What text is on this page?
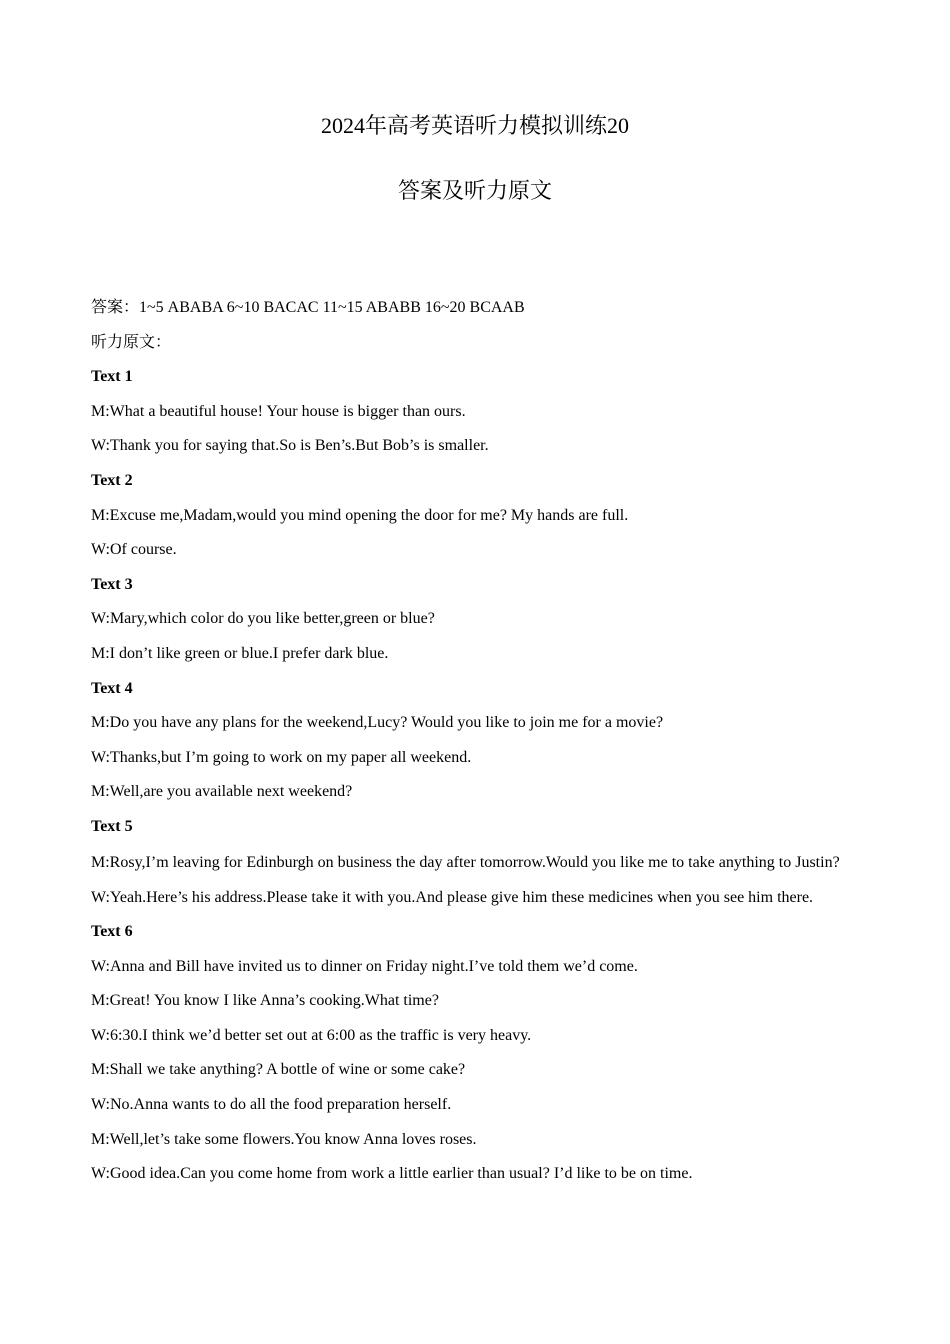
2024年高考英语听力模拟训练20
答案及听力原文
答案：1~5 ABABA 6~10 BACAC 11~15 ABABB 16~20 BCAAB
听力原文：
Text 1
M:What a beautiful house! Your house is bigger than ours.
W:Thank you for saying that.So is Ben’s.But Bob’s is smaller.
Text 2
M:Excuse me,Madam,would you mind opening the door for me? My hands are full.
W:Of course.
Text 3
W:Mary,which color do you like better,green or blue?
M:I don’t like green or blue.I prefer dark blue.
Text 4
M:Do you have any plans for the weekend,Lucy? Would you like to join me for a movie?
W:Thanks,but I’m going to work on my paper all weekend.
M:Well,are you available next weekend?
Text 5

M:Rosy,I’m leaving for Edinburgh on business the day after tomorrow.Would you like me to take anything to Justin?

W:Yeah.Here’s his address.Please take it with you.And please give him these medicines when you see him there.
Text 6
W:Anna and Bill have invited us to dinner on Friday night.I’ve told them we’d come.
M:Great! You know I like Anna’s cooking.What time?
W:6:30.I think we’d better set out at 6:00 as the traffic is very heavy.
M:Shall we take anything? A bottle of wine or some cake?
W:No.Anna wants to do all the food preparation herself.
M:Well,let’s take some flowers.You know Anna loves roses.
W:Good idea.Can you come home from work a little earlier than usual? I’d like to be on time.
